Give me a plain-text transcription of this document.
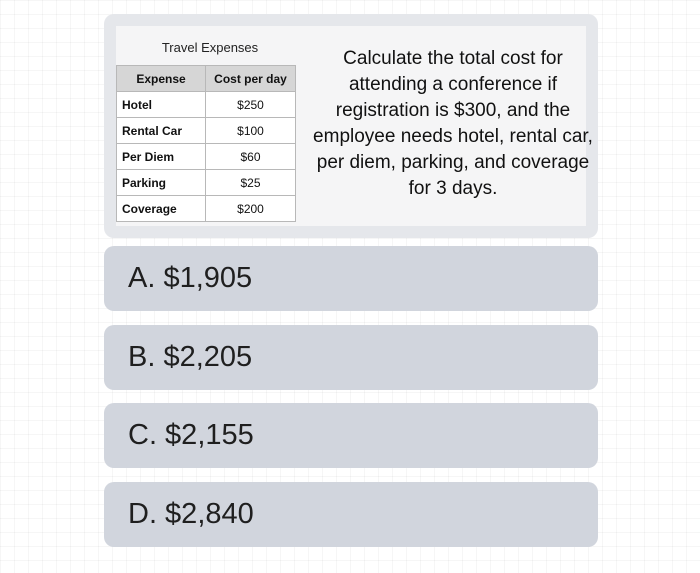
Travel Expenses
Expense	Cost per day
Hotel	$250
Rental Car	$100
Per Diem	$60
Parking	$25
Coverage	$200
Calculate the total cost for attending a conference if registration is $300, and the employee needs hotel, rental car, per diem, parking, and coverage for 3 days.
A. $1,905
B. $2,205
C. $2,155
D. $2,840
